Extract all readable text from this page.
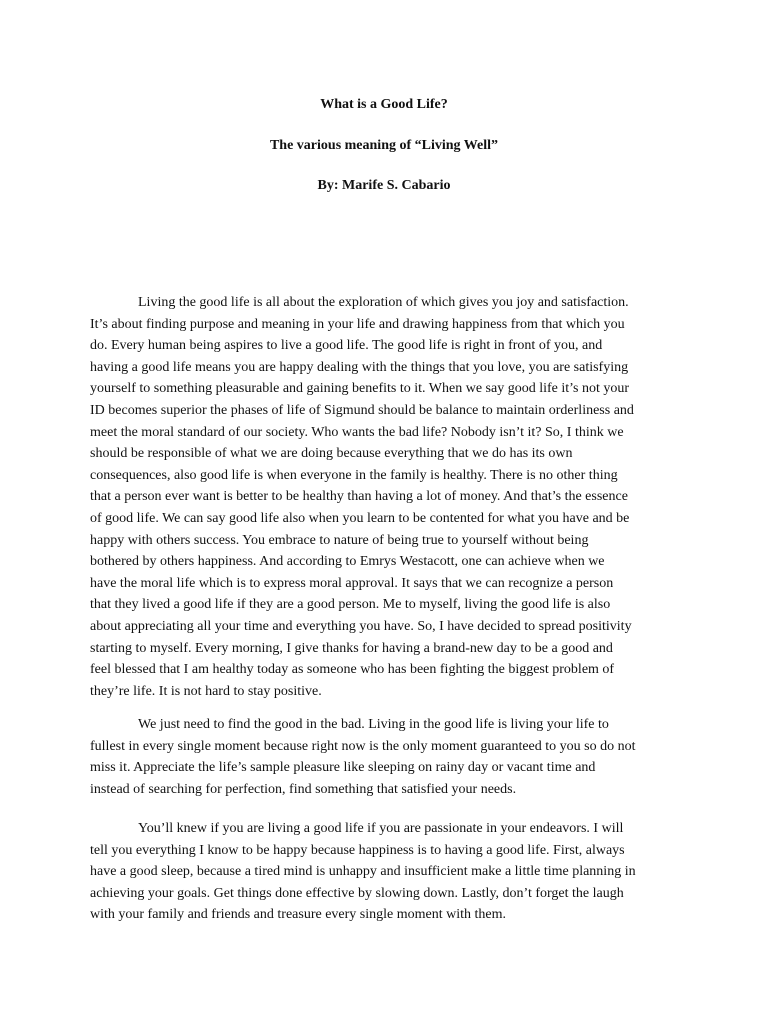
What is a Good Life?
The various meaning of “Living Well”
By: Marife S. Cabario

Living the good life is all about the exploration of which gives you joy and satisfaction.
It’s about finding purpose and meaning in your life and drawing happiness from that which you
do. Every human being aspires to live a good life. The good life is right in front of you, and
having a good life means you are happy dealing with the things that you love, you are satisfying
yourself to something pleasurable and gaining benefits to it. When we say good life it’s not your
ID becomes superior the phases of life of Sigmund should be balance to maintain orderliness and
meet the moral standard of our society. Who wants the bad life? Nobody isn’t it? So, I think we
should be responsible of what we are doing because everything that we do has its own
consequences, also good life is when everyone in the family is healthy. There is no other thing
that a person ever want is better to be healthy than having a lot of money. And that’s the essence
of good life. We can say good life also when you learn to be contented for what you have and be
happy with others success. You embrace to nature of being true to yourself without being
bothered by others happiness. And according to Emrys Westacott, one can achieve when we
have the moral life which is to express moral approval. It says that we can recognize a person
that they lived a good life if they are a good person. Me to myself, living the good life is also
about appreciating all your time and everything you have. So, I have decided to spread positivity
starting to myself. Every morning, I give thanks for having a brand-new day to be a good and
feel blessed that I am healthy today as someone who has been fighting the biggest problem of
they’re life. It is not hard to stay positive.

We just need to find the good in the bad. Living in the good life is living your life to
fullest in every single moment because right now is the only moment guaranteed to you so do not
miss it. Appreciate the life’s sample pleasure like sleeping on rainy day or vacant time and
instead of searching for perfection, find something that satisfied your needs.

You’ll knew if you are living a good life if you are passionate in your endeavors. I will
tell you everything I know to be happy because happiness is to having a good life. First, always
have a good sleep, because a tired mind is unhappy and insufficient make a little time planning in
achieving your goals. Get things done effective by slowing down. Lastly, don’t forget the laugh
with your family and friends and treasure every single moment with them.
